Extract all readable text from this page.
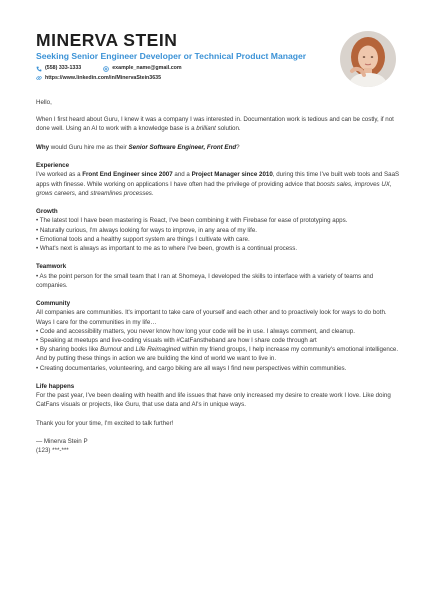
MINERVA STEIN
Seeking Senior Engineer Developer or Technical Product Manager
(558) 333-1333	example_name@gmail.com
https://www.linkedin.com/in/MinervaStein3635

Hello,

When I first heard about Guru, I knew it was a company I was interested in. Documentation work is tedious and can be costly, if not done well. Using an AI to work with a knowledge base is a brilliant solution.

Why would Guru hire me as their Senior Software Engineer, Front End?

Experience

I've worked as a Front End Engineer since 2007 and a Project Manager since 2010, during this time I've built web tools and SaaS apps with finesse. While working on applications I have often had the privilege of providing advice that boosts sales, improves UX, grows careers, and streamlines processes.

Growth

• The latest tool I have been mastering is React, I've been combining it with Firebase for ease of prototyping apps.

• Naturally curious, I'm always looking for ways to improve, in any area of my life.

• Emotional tools and a healthy support system are things I cultivate with care.

• What's next is always as important to me as to where I've been, growth is a continual process.

Teamwork

• As the point person for the small team that I ran at Shomeya, I developed the skills to interface with a variety of teams and companies.

Community

All companies are communities. It's important to take care of yourself and each other and to proactively look for ways to do both. Ways I care for the communities in my life…

• Code and accessibility matters, you never know how long your code will be in use. I always comment, and cleanup.

• Speaking at meetups and live-coding visuals with #CatFanstheband are how I share code through art

• By sharing books like Burnout and Life Reimagined within my friend groups, I help increase my community's emotional intelligence. And by putting these things in action we are building the kind of world we want to live in.

• Creating documentaries, volunteering, and cargo biking are all ways I find new perspectives within communities.

Life happens

For the past year, I've been dealing with health and life issues that have only increased my desire to create work I love. Like doing CatFans visuals or projects, like Guru, that use data and AI's in unique ways.

Thank you for your time, I'm excited to talk further!

— Minerva Stein P

(123) ***-***
